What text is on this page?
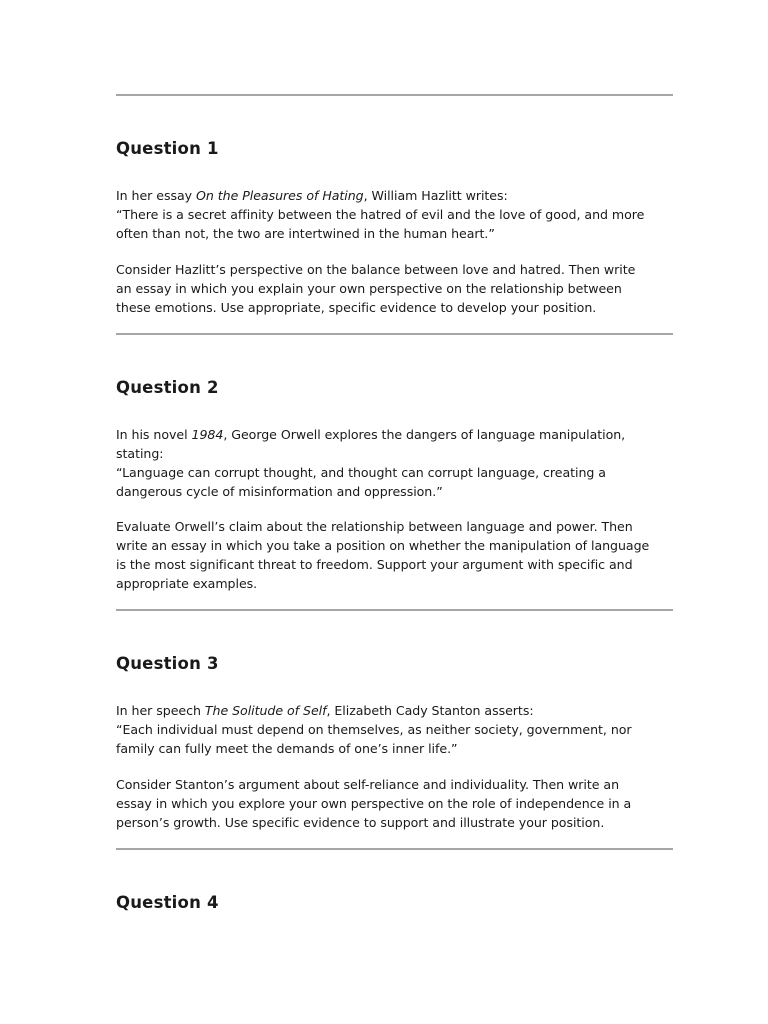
Question 1

In her essay On the Pleasures of Hating, William Hazlitt writes:
“There is a secret affinity between the hatred of evil and the love of good, and more
often than not, the two are intertwined in the human heart.”

Consider Hazlitt’s perspective on the balance between love and hatred. Then write
an essay in which you explain your own perspective on the relationship between
these emotions. Use appropriate, specific evidence to develop your position.

Question 2

In his novel 1984, George Orwell explores the dangers of language manipulation,
stating:
“Language can corrupt thought, and thought can corrupt language, creating a
dangerous cycle of misinformation and oppression.”

Evaluate Orwell’s claim about the relationship between language and power. Then
write an essay in which you take a position on whether the manipulation of language
is the most significant threat to freedom. Support your argument with specific and
appropriate examples.

Question 3

In her speech The Solitude of Self, Elizabeth Cady Stanton asserts:
“Each individual must depend on themselves, as neither society, government, nor
family can fully meet the demands of one’s inner life.”

Consider Stanton’s argument about self-reliance and individuality. Then write an
essay in which you explore your own perspective on the role of independence in a
person’s growth. Use specific evidence to support and illustrate your position.

Question 4
